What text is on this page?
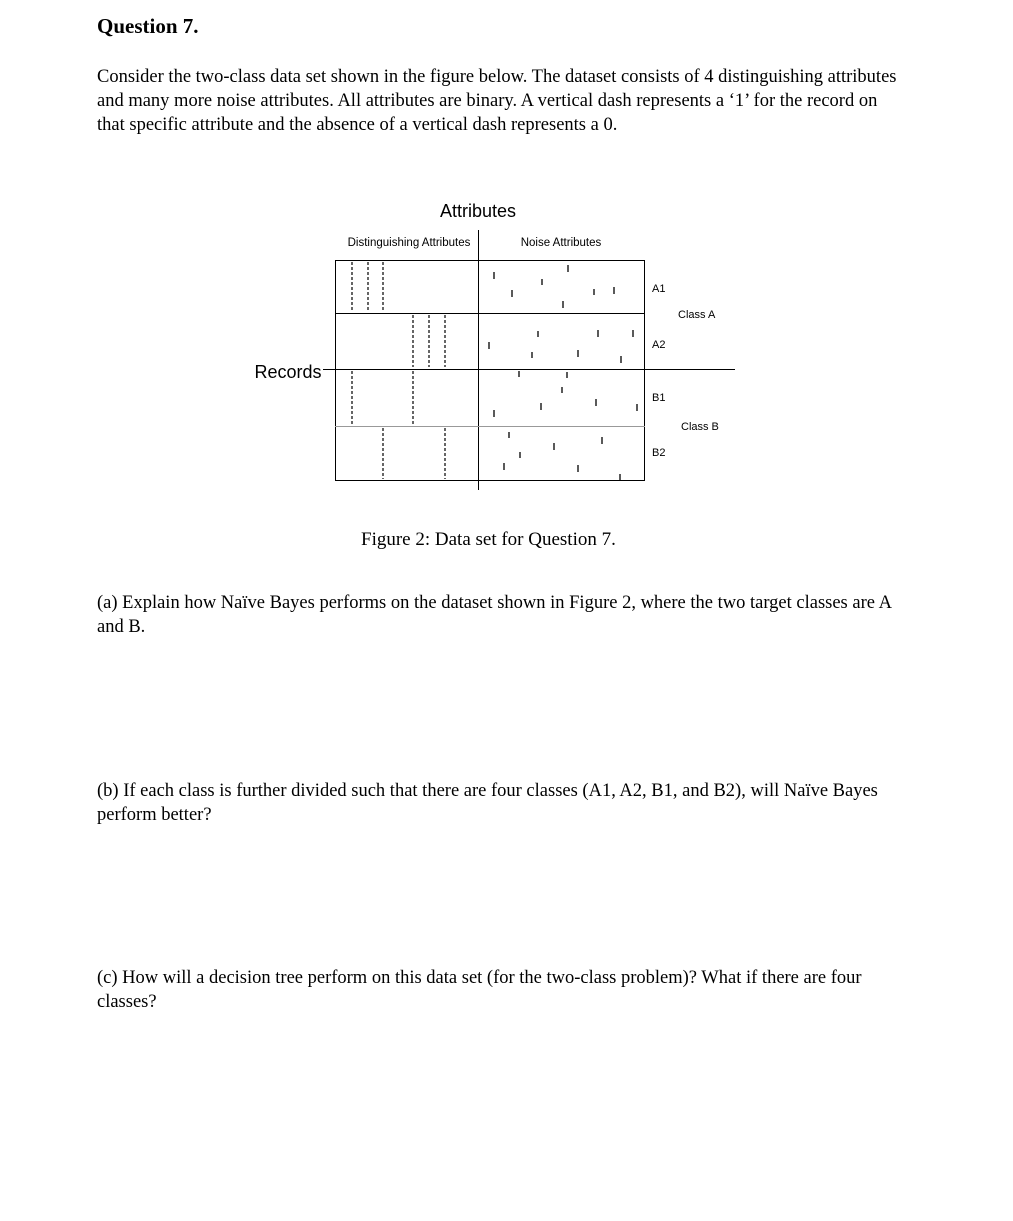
Question 7.
Consider the two-class data set shown in the figure below. The dataset consists of 4 distinguishing attributes and many more noise attributes. All attributes are binary. A vertical dash represents a ‘1’ for the record on that specific attribute and the absence of a vertical dash represents a 0.
Attributes
Distinguishing Attributes	Noise Attributes
Records
A1
A2
B1
B2
Class A
Class B
Figure 2: Data set for Question 7.
(a) Explain how Naïve Bayes performs on the dataset shown in Figure 2, where the two target classes are A and B.
(b) If each class is further divided such that there are four classes (A1, A2, B1, and B2), will Naïve Bayes perform better?
(c) How will a decision tree perform on this data set (for the two-class problem)? What if there are four classes?
